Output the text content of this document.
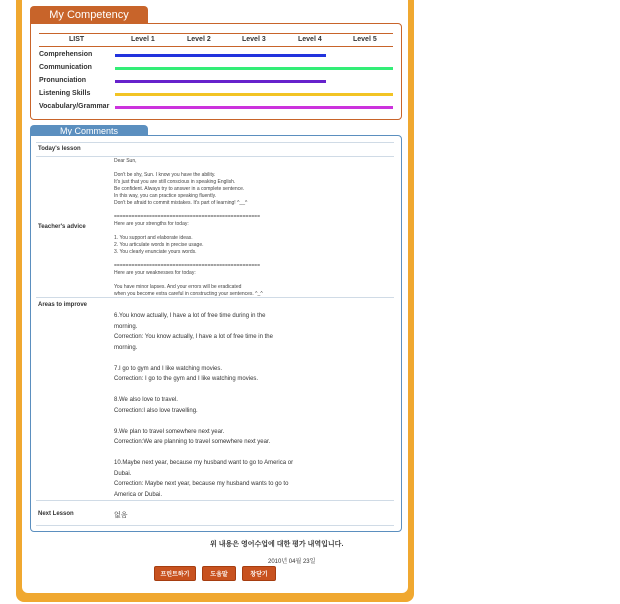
My Competency
LIST	Level 1	Level 2	Level 3	Level 4	Level 5
Comprehension
Communication
Pronunciation
Listening Skills
Vocabulary/Grammar
My Comments
Today's lesson
Teacher's advice
Dear Sun,

Don't be shy, Sun. I know you have the ability.
It's just that you are still conscious in speaking English.
Be confident. Always try to answer in a complete sentence.
In this way, you can practice speaking fluently.
Don't be afraid to commit mistakes. It's part of learning! ^__^

==================================================
Here are your strengths for today:

1. You support and elaborate ideas.
2. You articulate words in precise usage.
3. You clearly enunciate yours words.

==================================================
Here are your weaknesses for today:

You have minor lapses. And your errors will be eradicated
when you become extra careful in constructing your sentences. ^_^
Areas to improve
6.You know actually, I have a lot of free time during in the
morning.
Correction: You know actually, I have a lot of free time in the
morning.

7.I go to gym and I like watching movies.
Correction: I go to the gym and I like watching movies.

8.We also love to travel.
Correction:I also love travelling.

9.We plan to travel somewhere next year.
Correction:We are planning to travel somewhere next year.

10.Maybe next year, because my husband want to go to America or
Dubai.
Correction: Maybe next year, because my husband wants to go to
America or Dubai.
Next Lesson	없음
위 내용은 영어수업에 대한 평가 내역입니다.
2010년 04월 23일
프린트하기	도움말	창닫기
